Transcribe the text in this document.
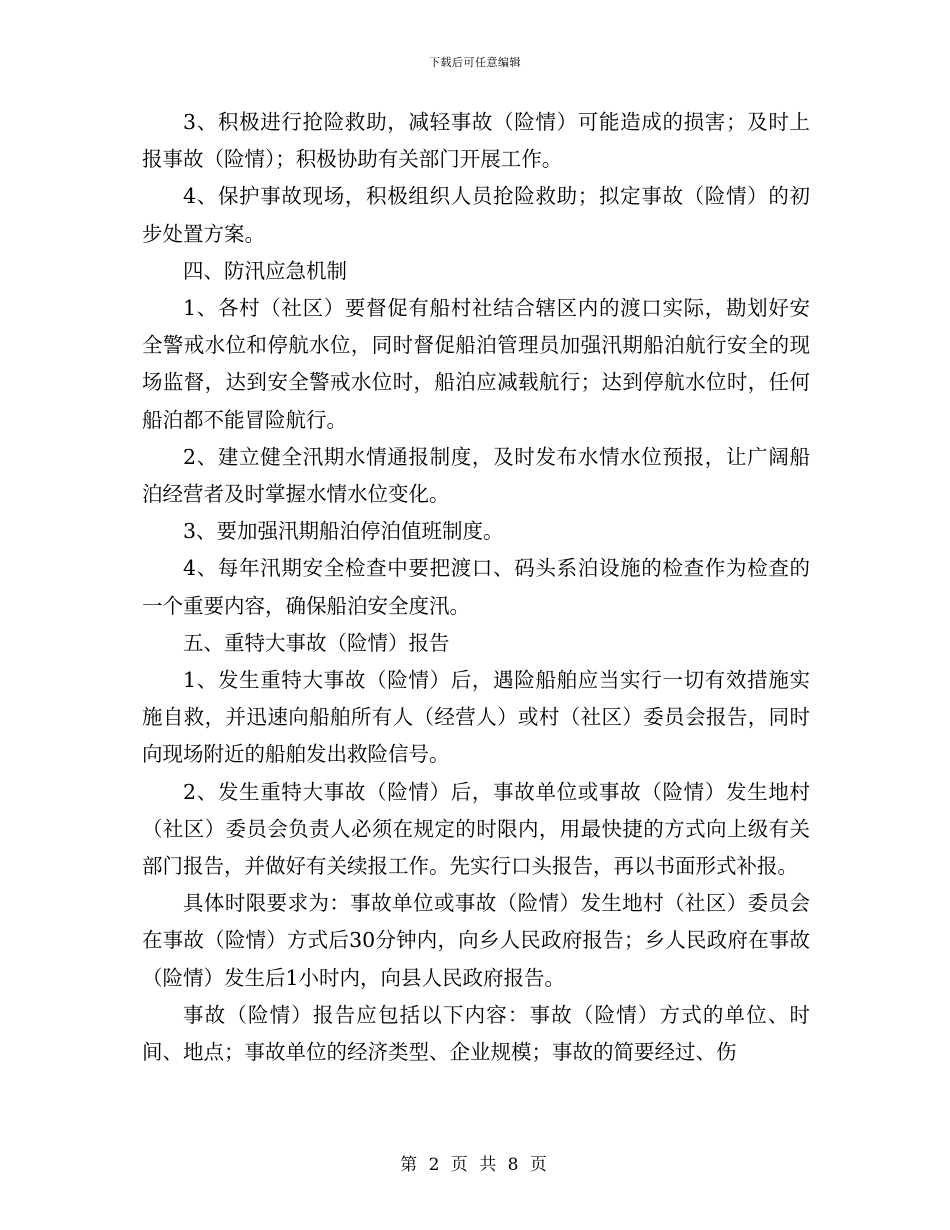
下载后可任意编辑

3、积极进行抢险救助，减轻事故（险情）可能造成的损害；及时上报事故（险情）；积极协助有关部门开展工作。

4、保护事故现场，积极组织人员抢险救助；拟定事故（险情）的初步处置方案。

四、防汛应急机制

1、各村（社区）要督促有船村社结合辖区内的渡口实际，勘划好安全警戒水位和停航水位，同时督促船泊管理员加强汛期船泊航行安全的现场监督，达到安全警戒水位时，船泊应减载航行；达到停航水位时，任何船泊都不能冒险航行。

2、建立健全汛期水情通报制度，及时发布水情水位预报，让广阔船泊经营者及时掌握水情水位变化。

3、要加强汛期船泊停泊值班制度。

4、每年汛期安全检查中要把渡口、码头系泊设施的检查作为检查的一个重要内容，确保船泊安全度汛。

五、重特大事故（险情）报告

1、发生重特大事故（险情）后，遇险船舶应当实行一切有效措施实施自救，并迅速向船舶所有人（经营人）或村（社区）委员会报告，同时向现场附近的船舶发出救险信号。

2、发生重特大事故（险情）后，事故单位或事故（险情）发生地村（社区）委员会负责人必须在规定的时限内，用最快捷的方式向上级有关部门报告，并做好有关续报工作。先实行口头报告，再以书面形式补报。

具体时限要求为：事故单位或事故（险情）发生地村（社区）委员会在事故（险情）方式后30分钟内，向乡人民政府报告；乡人民政府在事故（险情）发生后1小时内，向县人民政府报告。

事故（险情）报告应包括以下内容：事故（险情）方式的单位、时间、地点；事故单位的经济类型、企业规模；事故的简要经过、伤

第 2 页 共 8 页
